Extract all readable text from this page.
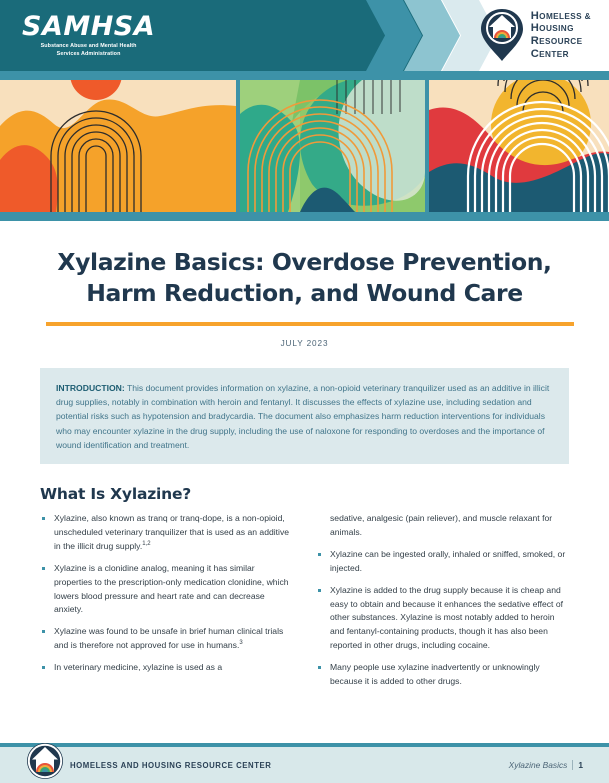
SAMHSA
Substance Abuse and Mental Health
Services Administration
HOMELESS &
HOUSING
RESOURCE
CENTER
Xylazine Basics: Overdose Prevention,
Harm Reduction, and Wound Care
JULY 2023
INTRODUCTION: This document provides information on xylazine, a non-opioid veterinary tranquilizer used as an additive in illicit drug supplies, notably in combination with heroin and fentanyl. It discusses the effects of xylazine use, including sedation and potential risks such as hypotension and bradycardia. The document also emphasizes harm reduction interventions for individuals who may encounter xylazine in the drug supply, including the use of naloxone for responding to overdoses and the importance of wound identification and treatment.
What Is Xylazine?
Xylazine, also known as tranq or tranq-dope, is a non-opioid, unscheduled veterinary tranquilizer that is used as an additive in the illicit drug supply.$^{1,2}$
Xylazine is a clonidine analog, meaning it has similar properties to the prescription-only medication clonidine, which lowers blood pressure and heart rate and can decrease anxiety.
Xylazine was found to be unsafe in brief human clinical trials and is therefore not approved for use in humans.$^3$
In veterinary medicine, xylazine is used as a
sedative, analgesic (pain reliever), and muscle relaxant for animals.
Xylazine can be ingested orally, inhaled or sniffed, smoked, or injected.
Xylazine is added to the drug supply because it is cheap and easy to obtain and because it enhances the sedative effect of other substances. Xylazine is most notably added to heroin and fentanyl-containing products, though it has also been reported in other drugs, including cocaine.
Many people use xylazine inadvertently or unknowingly because it is added to other drugs.
HOMELESS AND HOUSING RESOURCE CENTER	Xylazine Basics 1
